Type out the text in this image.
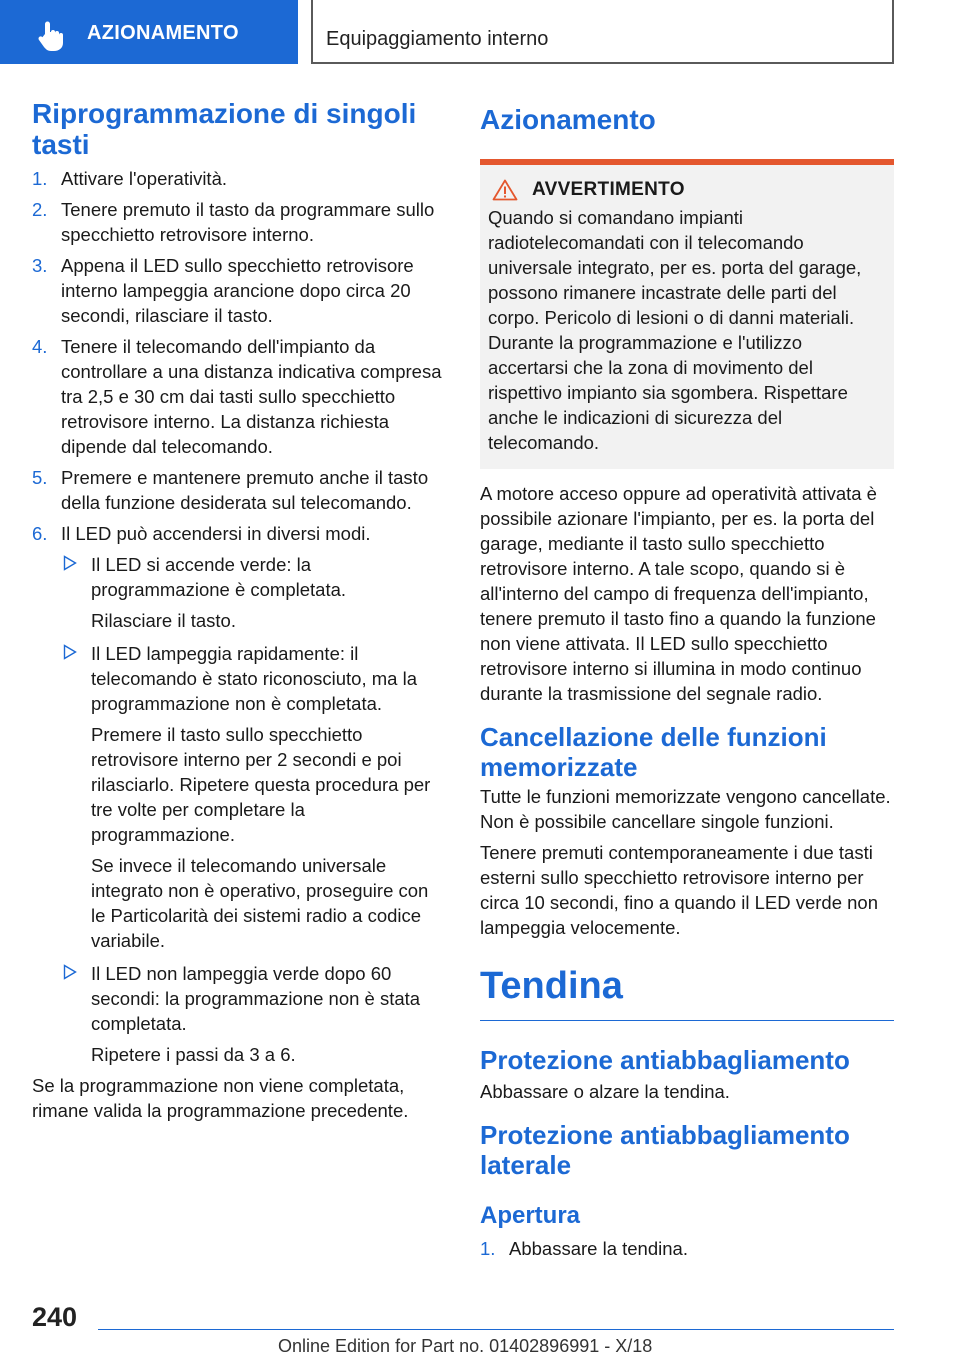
AZIONAMENTO	Equipaggiamento interno
Riprogrammazione di singoli tasti
1. Attivare l'operatività.
2. Tenere premuto il tasto da programmare sullo specchietto retrovisore interno.
3. Appena il LED sullo specchietto retrovisore interno lampeggia arancione dopo circa 20 secondi, rilasciare il tasto.
4. Tenere il telecomando dell'impianto da controllare a una distanza indicativa compresa tra 2,5 e 30 cm dai tasti sullo specchietto retrovisore interno. La distanza richiesta dipende dal telecomando.
5. Premere e mantenere premuto anche il tasto della funzione desiderata sul telecomando.
6. Il LED può accendersi in diversi modi.
Il LED si accende verde: la programmazione è completata.
Rilasciare il tasto.
Il LED lampeggia rapidamente: il telecomando è stato riconosciuto, ma la programmazione non è completata.
Premere il tasto sullo specchietto retrovisore interno per 2 secondi e poi rilasciarlo. Ripetere questa procedura per tre volte per completare la programmazione.
Se invece il telecomando universale integrato non è operativo, proseguire con le Particolarità dei sistemi radio a codice variabile.
Il LED non lampeggia verde dopo 60 secondi: la programmazione non è stata completata.
Ripetere i passi da 3 a 6.

Se la programmazione non viene completata, rimane valida la programmazione precedente.

Azionamento
AVVERTIMENTO

Quando si comandano impianti radiotelecomandati con il telecomando universale integrato, per es. porta del garage, possono rimanere incastrate delle parti del corpo. Pericolo di lesioni o di danni materiali. Durante la programmazione e l'utilizzo accertarsi che la zona di movimento del rispettivo impianto sia sgombera. Rispettare anche le indicazioni di sicurezza del telecomando.

A motore acceso oppure ad operatività attivata è possibile azionare l'impianto, per es. la porta del garage, mediante il tasto sullo specchietto retrovisore interno. A tale scopo, quando si è all'interno del campo di frequenza dell'impianto, tenere premuto il tasto fino a quando la funzione non viene attivata. Il LED sullo specchietto retrovisore interno si illumina in modo continuo durante la trasmissione del segnale radio.

Cancellazione delle funzioni memorizzate

Tutte le funzioni memorizzate vengono cancellate. Non è possibile cancellare singole funzioni.

Tenere premuti contemporaneamente i due tasti esterni sullo specchietto retrovisore interno per circa 10 secondi, fino a quando il LED verde non lampeggia velocemente.

Tendina
Protezione antiabbagliamento

Abbassare o alzare la tendina.

Protezione antiabbagliamento laterale
Apertura
1. Abbassare la tendina.
240
Online Edition for Part no. 01402896991 - X/18
